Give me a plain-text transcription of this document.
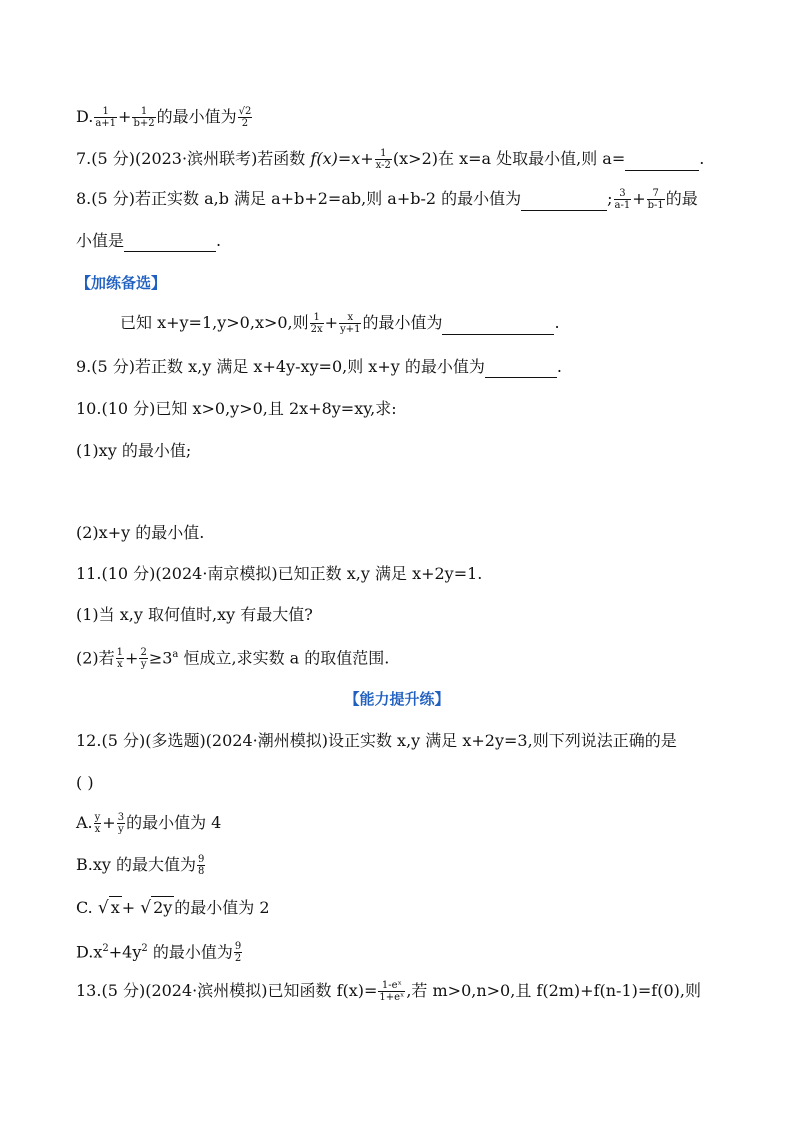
D. $\frac{1}{a+1} + \frac{1}{b+2}$ 的最小值为 $\frac{√2}{2}$
7.(5 分)(2023·滨州联考)若函数 $f(x)=x+ \frac{1}{x-2} (x>2)$在 x=a 处取最小值,则 a=	.
8.(5 分)若正实数 a,b 满足 a+b+2=ab,则 a+b-2 的最小值为	; $\frac{3}{a-1} + \frac{7}{b-1}$ 的最
小值是	.
【加练备选】
已知 x+y=1,y>0,x>0,则 $\frac{1}{2x} + \frac{x}{y+1}$ 的最小值为	.
9.(5 分)若正数 x,y 满足 x+4y-xy=0,则 x+y 的最小值为	.
10.(10 分)已知 x>0,y>0,且 2x+8y=xy,求:
(1)xy 的最小值;
(2)x+y 的最小值.
11.(10 分)(2024·南京模拟)已知正数 x,y 满足 x+2y=1.
(1)当 x,y 取何值时,xy 有最大值?
(2)若 $\frac{1}{x} + \frac{2}{y} \ge 3^a$ 恒成立,求实数 a 的取值范围.
【能力提升练】
12.(5 分)(多选题)(2024·潮州模拟)设正实数 x,y 满足 x+2y=3,则下列说法正确的是
( )
A. $\frac{y}{x} + \frac{3}{y}$ 的最小值为 4
B.xy 的最大值为 $\frac{9}{8}$
C. √ x + √ 2y 的最小值为 2
$D.x^2+4y^2$ 的最小值为 $\frac{9}{2}$
13.(5 分)(2024·滨州模拟)已知函数 $f(x)= \frac{\text{1-eˣ}}{\text{1+eˣ}}$ ,若 m>0,n>0,且 f(2m)+f(n-1)=f(0),则
